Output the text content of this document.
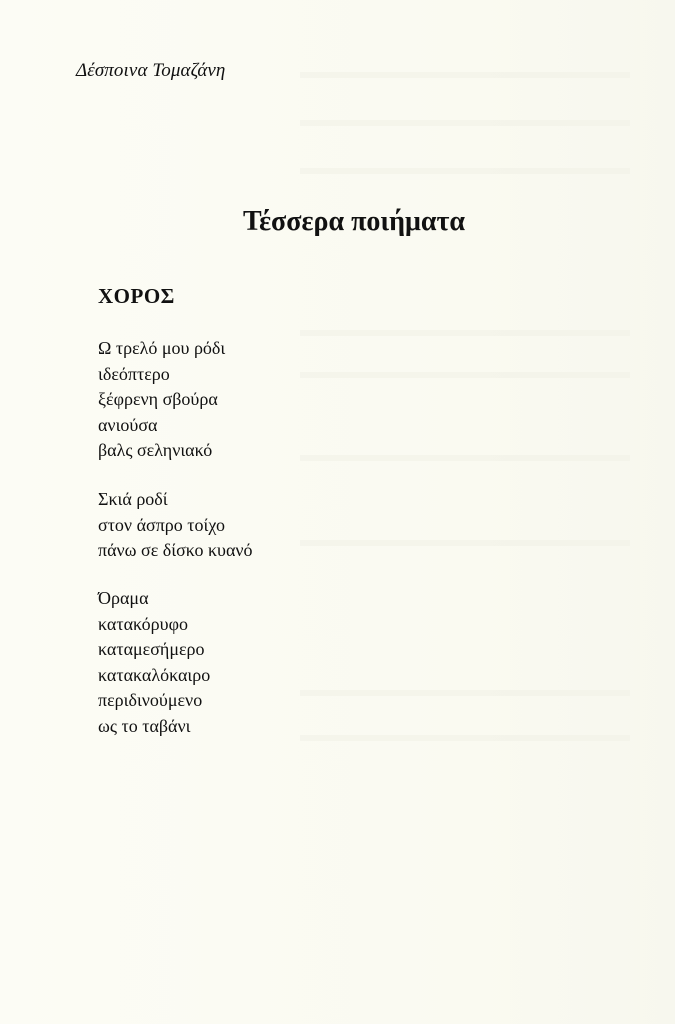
Δέσποινα Τομαζάνη
Τέσσερα ποιήματα
ΧΟΡΟΣ
Ω τρελό μου ρόδι
ιδεόπτερο
ξέφρενη σβούρα
ανιούσα
βαλς σεληνιακό
Σκιά ροδί
στον άσπρο τοίχο
πάνω σε δίσκο κυανό
Όραμα
κατακόρυφο
καταμεσήμερο
κατακαλόκαιρο
περιδινούμενο
ως το ταβάνι
